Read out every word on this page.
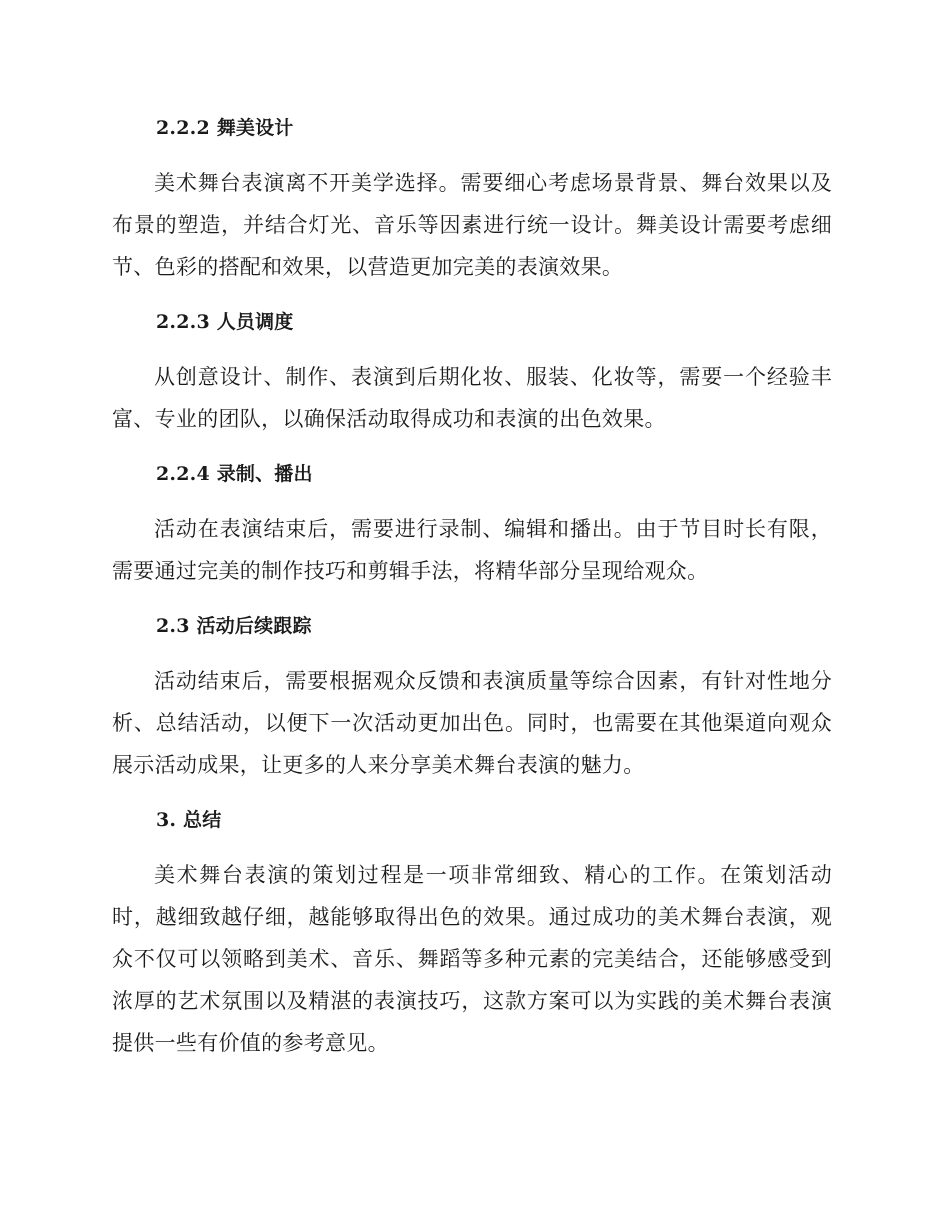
2.2.2 舞美设计

美术舞台表演离不开美学选择。需要细心考虑场景背景、舞台效果以及布景的塑造，并结合灯光、音乐等因素进行统一设计。舞美设计需要考虑细节、色彩的搭配和效果，以营造更加完美的表演效果。

2.2.3 人员调度

从创意设计、制作、表演到后期化妆、服装、化妆等，需要一个经验丰富、专业的团队，以确保活动取得成功和表演的出色效果。

2.2.4 录制、播出

活动在表演结束后，需要进行录制、编辑和播出。由于节目时长有限，需要通过完美的制作技巧和剪辑手法，将精华部分呈现给观众。

2.3 活动后续跟踪

活动结束后，需要根据观众反馈和表演质量等综合因素，有针对性地分析、总结活动，以便下一次活动更加出色。同时，也需要在其他渠道向观众展示活动成果，让更多的人来分享美术舞台表演的魅力。

3. 总结

美术舞台表演的策划过程是一项非常细致、精心的工作。在策划活动时，越细致越仔细，越能够取得出色的效果。通过成功的美术舞台表演，观众不仅可以领略到美术、音乐、舞蹈等多种元素的完美结合，还能够感受到浓厚的艺术氛围以及精湛的表演技巧，这款方案可以为实践的美术舞台表演提供一些有价值的参考意见。
